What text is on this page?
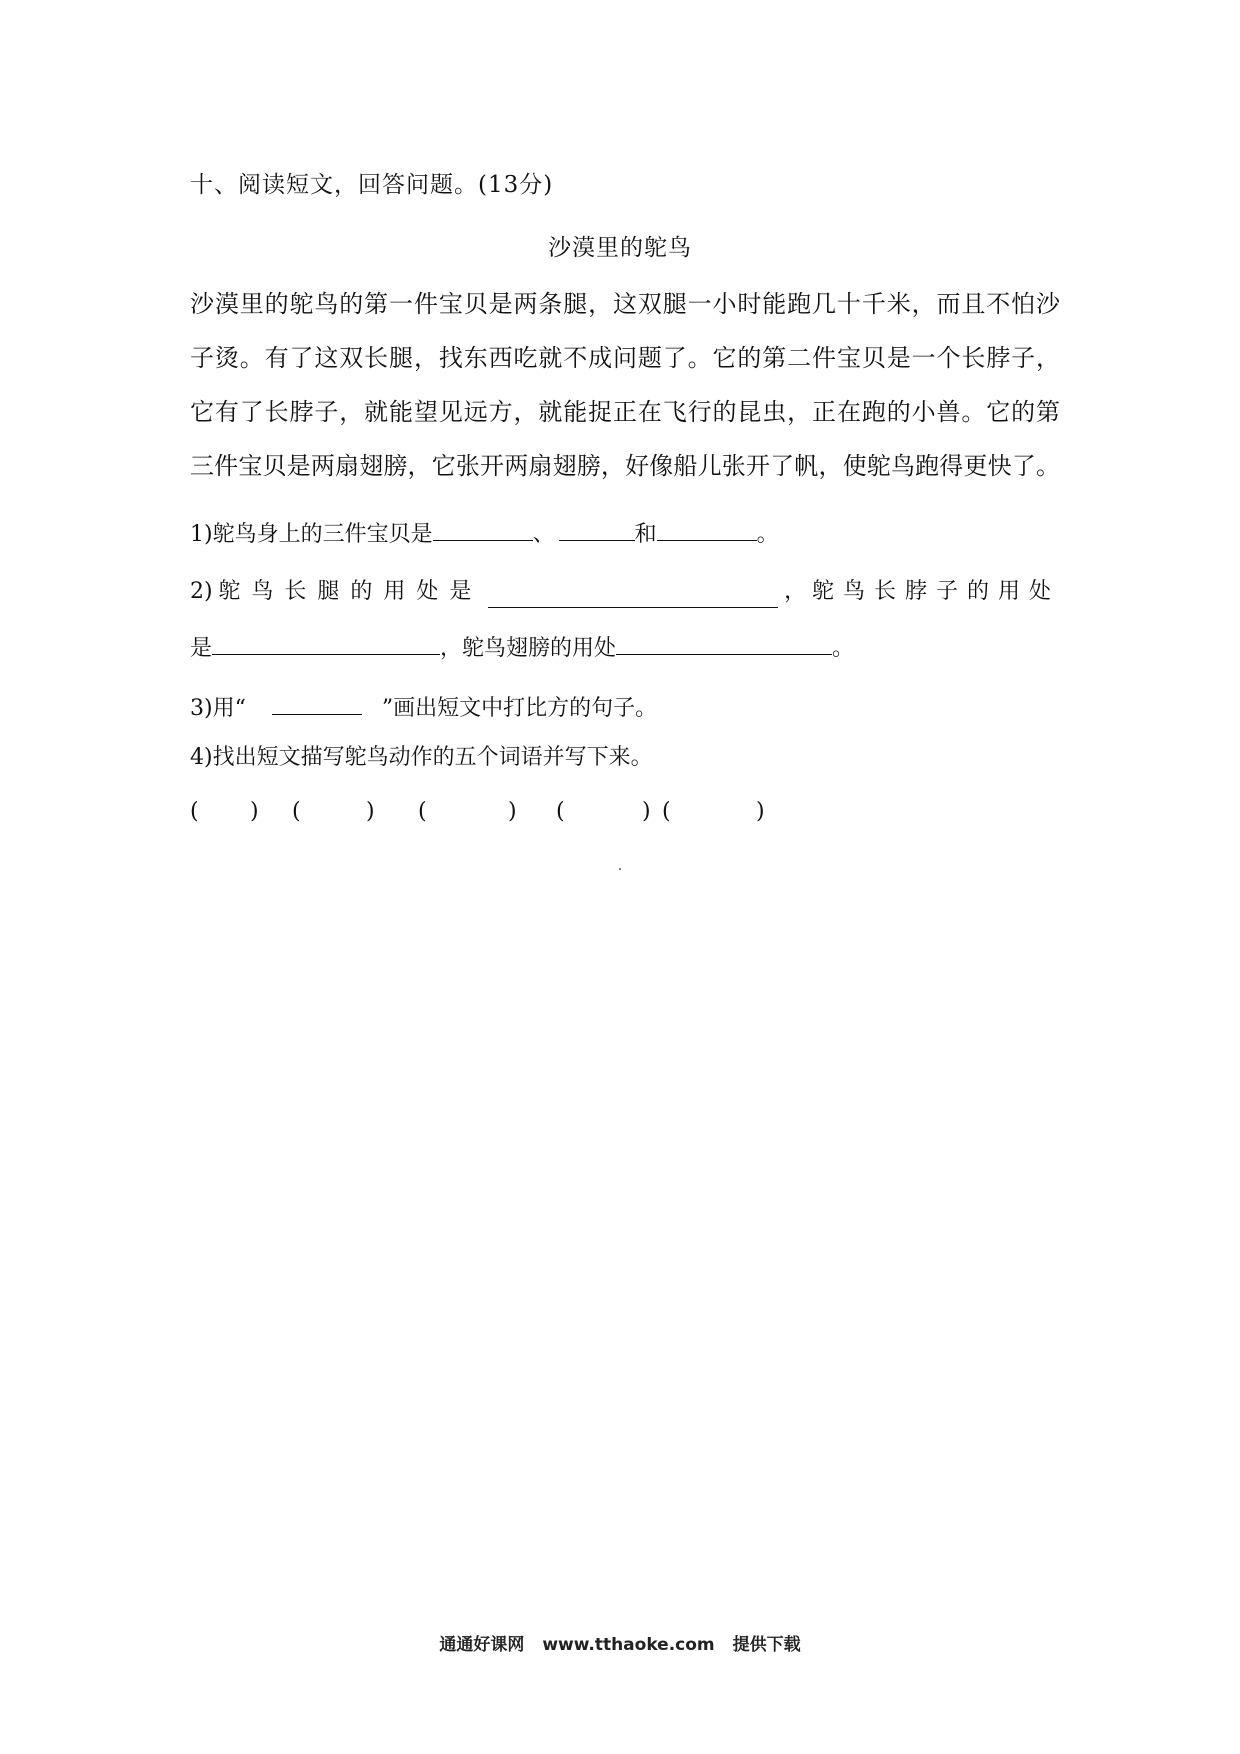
十、阅读短文，回答问题。(13分)
沙漠里的鸵鸟
沙漠里的鸵鸟的第一件宝贝是两条腿，这双腿一小时能跑几十千米，而且不怕沙
子烫。有了这双长腿，找东西吃就不成问题了。它的第二件宝贝是一个长脖子，
它有了长脖子，就能望见远方，就能捉正在飞行的昆虫，正在跑的小兽。它的第
三件宝贝是两扇翅膀，它张开两扇翅膀，好像船儿张开了帆，使鸵鸟跑得更快了。
1)鸵鸟身上的三件宝贝是	、	和	。
2) 鸵鸟长腿的用处是	， 鸵鸟长脖子的用处
是	，鸵鸟翅膀的用处	。
3)用“	”画出短文中打比方的句子。
4)找出短文描写鸵鸟动作的五个词语并写下来。
( ) (	) (	) (	) (	)
通通好课网 www.tthaoke.com 提供下载
